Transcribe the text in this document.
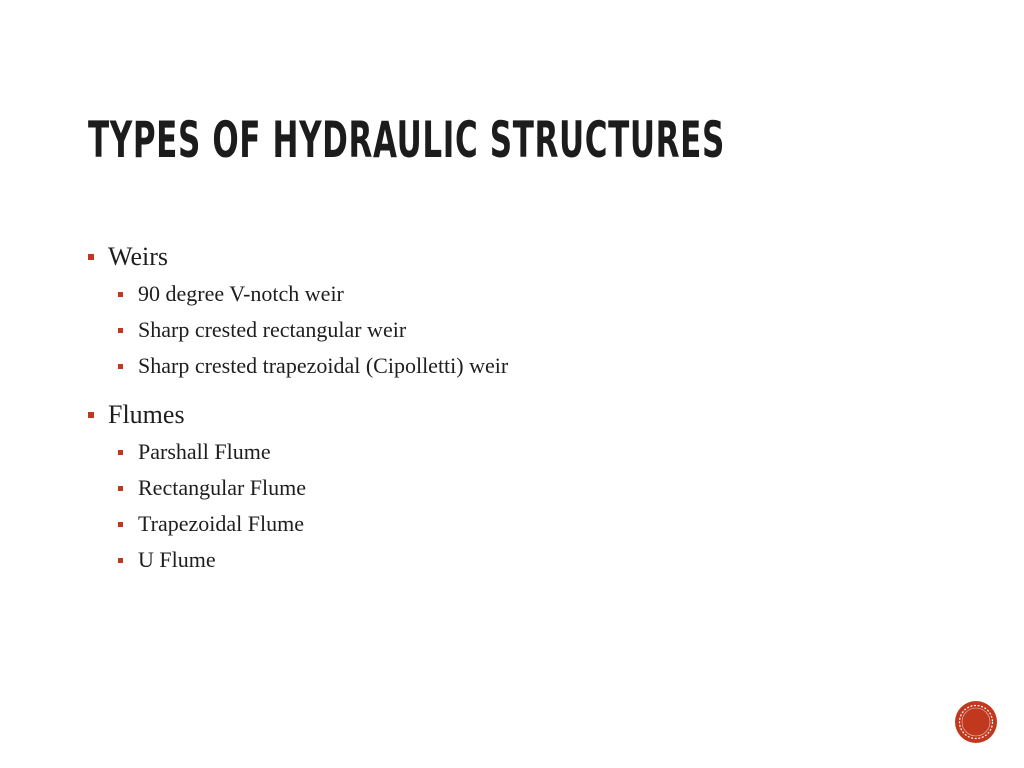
TYPES OF HYDRAULIC STRUCTURES
Weirs
90 degree V-notch weir
Sharp crested rectangular weir
Sharp crested trapezoidal (Cipolletti) weir
Flumes
Parshall Flume
Rectangular Flume
Trapezoidal Flume
U Flume
